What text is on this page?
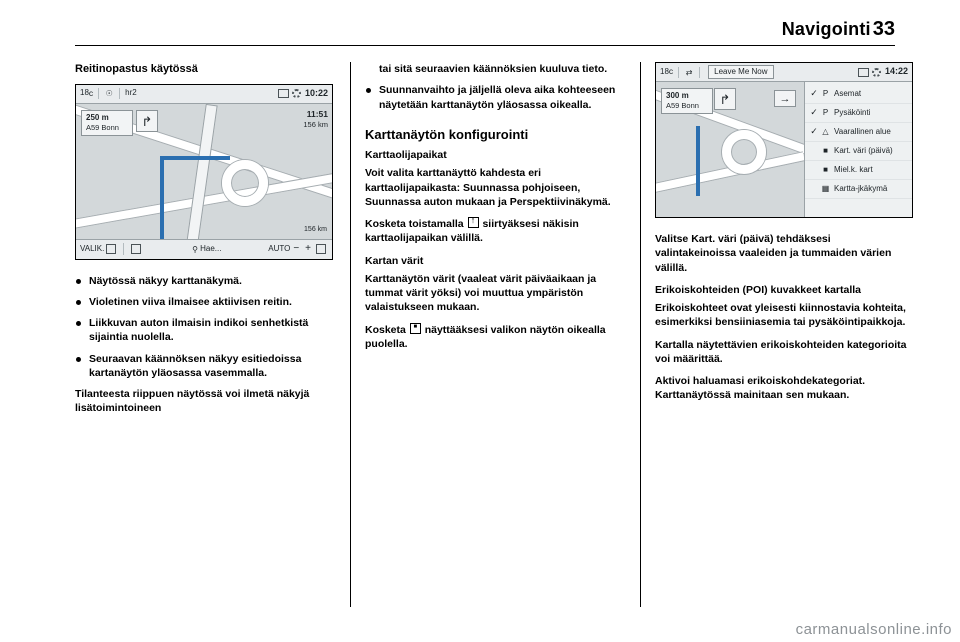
Navigointi 33
Reitinopastus käytössä
18 c ☉ hr2	10:22
250 m
A59 Bonn
↱
11:51
156 km
156 km
VALIK.	⚲ Hae...	AUTO − +
Näytössä näkyy karttanäkymä.
Violetinen viiva ilmaisee aktiivisen reitin.
Liikkuvan auton ilmaisin indikoi senhetkistä sijaintia nuolella.
Seuraavan käännöksen näkyy esitiedoissa kartanäytön yläosassa vasemmalla.

Tilanteesta riippuen näytössä voi ilmetä näkyjä lisätoimintoineen

tai sitä seuraavien käännöksien kuuluva tieto.
Suunnanvaihto ja jäljellä oleva aika kohteeseen näytetään karttanäytön yläosassa oikealla.
Karttanäytön konfigurointi

Karttaolijapaikat

Voit valita karttanäyttö kahdesta eri karttaolijapaikasta: Suunnassa pohjoiseen, Suunnassa auton mukaan ja Perspektiivinäkymä.

Kosketa toistamalla ↑ siirtyäksesi näkisin karttaolijapaikan välillä.

Kartan värit

Karttanäytön värit (vaaleat värit päiväaikaan ja tummat värit yöksi) voi muuttua ympäristön valaistukseen mukaan.

Kosketa ■ näyttääksesi valikon näytön oikealla puolella.

18 c ⇄	Leave Me Now	14:22
300 m
A59 Bonn
↱
→	✓ P Asemat
✓ P Pysäköinti
✓ △ Vaarallinen alue
■ Kart. väri (päivä)
■ Miel.k. kart
▦ Kartta-jkäkymä

Valitse Kart. väri (päivä) tehdäksesi valintakeinoissa vaaleiden ja tummaiden värien välillä.

Erikoiskohteiden (POI) kuvakkeet kartalla

Erikoiskohteet ovat yleisesti kiinnostavia kohteita, esimerkiksi bensiiniasemia tai pysäköintipaikkoja.

Kartalla näytettävien erikoiskohteiden kategorioita voi määrittää.

Aktivoi haluamasi erikoiskohdekategoriat. Karttanäytössä mainitaan sen mukaan.

carmanualsonline.info
